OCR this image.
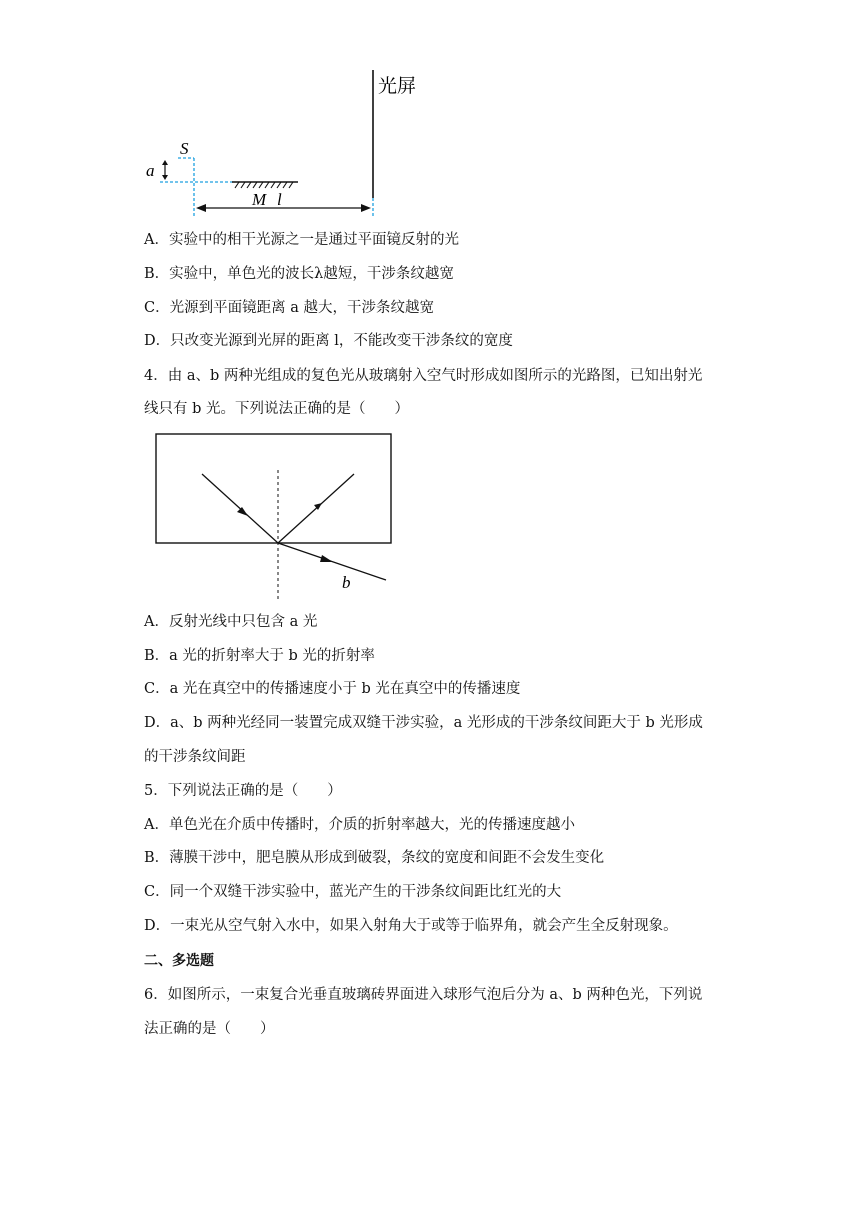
光屏
a
S
M l
A．实验中的相干光源之一是通过平面镜反射的光
B．实验中，单色光的波长λ越短，干涉条纹越宽
C．光源到平面镜距离 a 越大，干涉条纹越宽
D．只改变光源到光屏的距离 l，不能改变干涉条纹的宽度
4．由 a、b 两种光组成的复色光从玻璃射入空气时形成如图所示的光路图，已知出射光
线只有 b 光。下列说法正确的是（　　）
b
A．反射光线中只包含 a 光
B．a 光的折射率大于 b 光的折射率
C．a 光在真空中的传播速度小于 b 光在真空中的传播速度
D．a、b 两种光经同一装置完成双缝干涉实验，a 光形成的干涉条纹间距大于 b 光形成
的干涉条纹间距
5．下列说法正确的是（　　）
A．单色光在介质中传播时，介质的折射率越大，光的传播速度越小
B．薄膜干涉中，肥皂膜从形成到破裂，条纹的宽度和间距不会发生变化
C．同一个双缝干涉实验中，蓝光产生的干涉条纹间距比红光的大
D．一束光从空气射入水中，如果入射角大于或等于临界角，就会产生全反射现象。
二、多选题
6．如图所示，一束复合光垂直玻璃砖界面进入球形气泡后分为 a、b 两种色光，下列说
法正确的是（　　）
